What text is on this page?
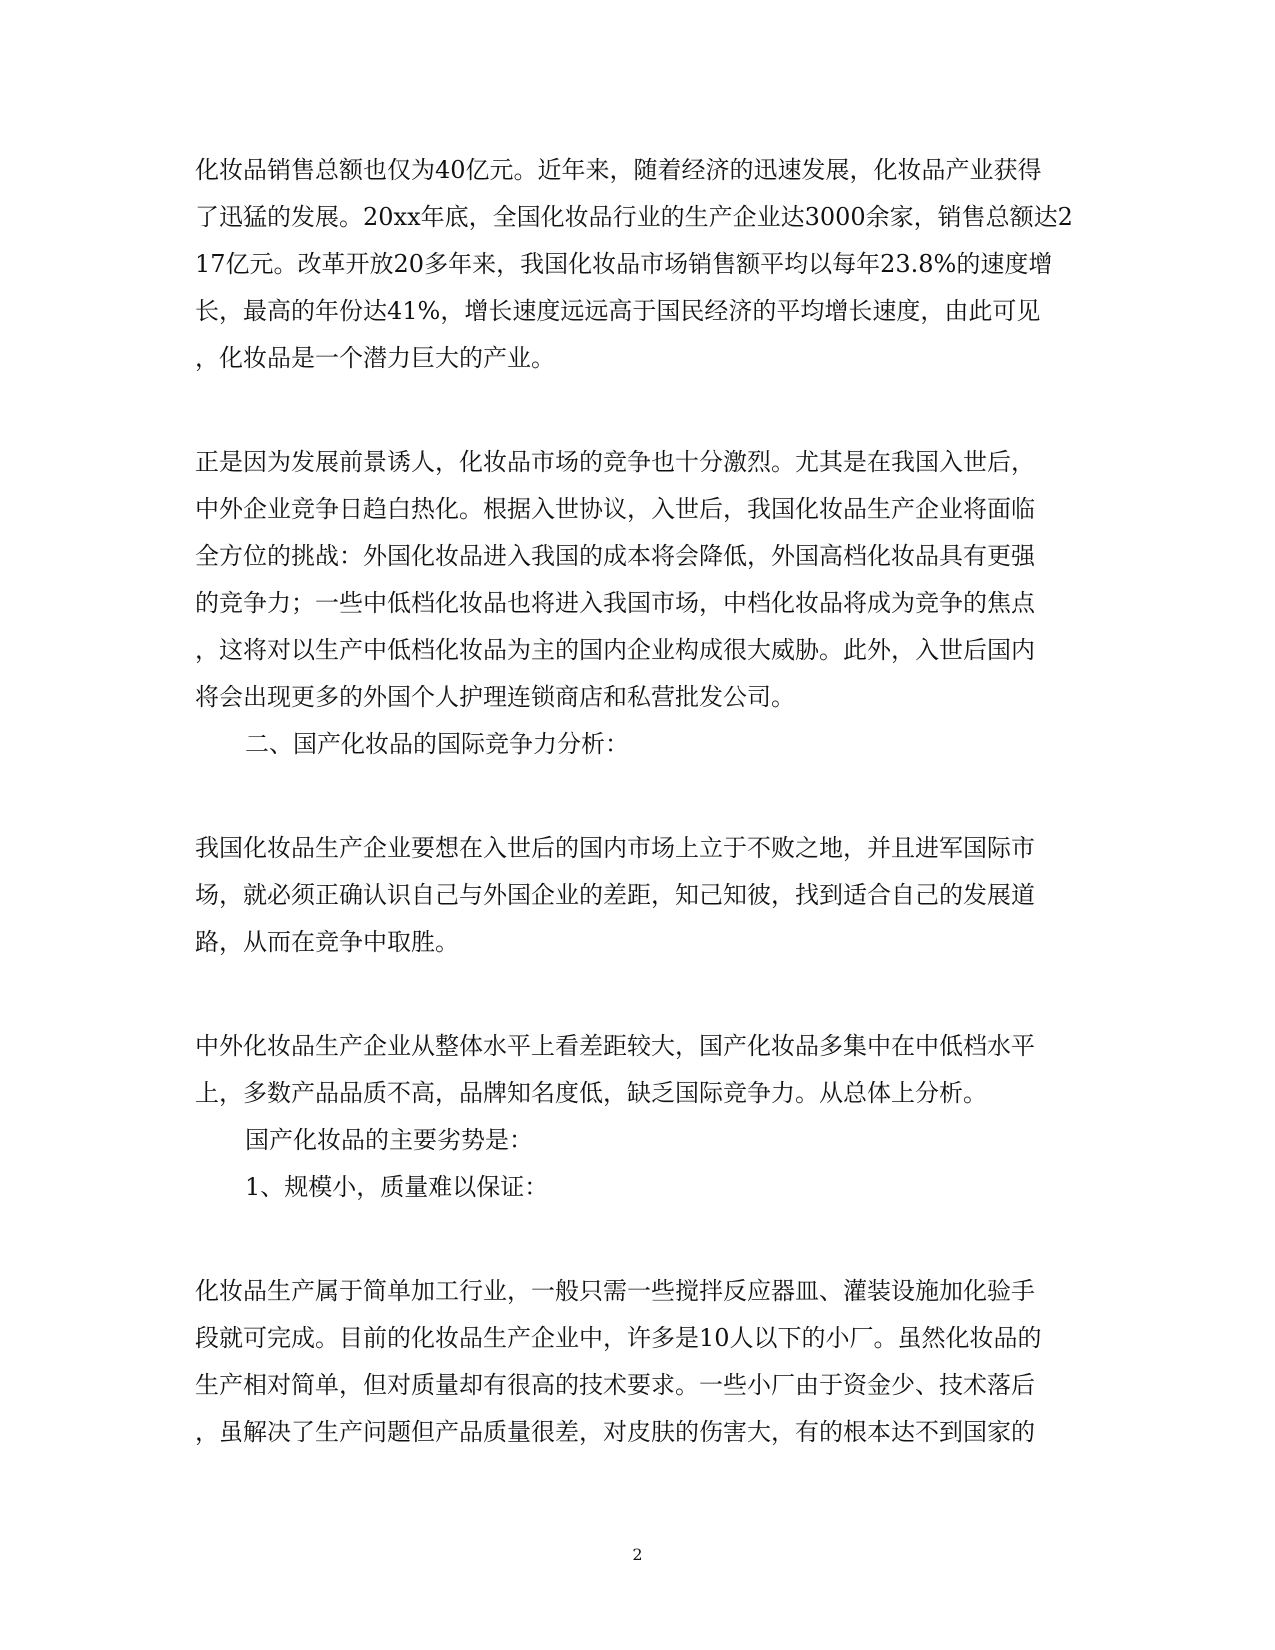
化妆品销售总额也仅为40亿元。近年来，随着经济的迅速发展，化妆品产业获得
了迅猛的发展。20xx年底，全国化妆品行业的生产企业达3000余家，销售总额达2
17亿元。改革开放20多年来，我国化妆品市场销售额平均以每年23.8%的速度增
长，最高的年份达41%，增长速度远远高于国民经济的平均增长速度，由此可见
，化妆品是一个潜力巨大的产业。
正是因为发展前景诱人，化妆品市场的竞争也十分激烈。尤其是在我国入世后，
中外企业竞争日趋白热化。根据入世协议，入世后，我国化妆品生产企业将面临
全方位的挑战：外国化妆品进入我国的成本将会降低，外国高档化妆品具有更强
的竞争力；一些中低档化妆品也将进入我国市场，中档化妆品将成为竞争的焦点
，这将对以生产中低档化妆品为主的国内企业构成很大威胁。此外，入世后国内
将会出现更多的外国个人护理连锁商店和私营批发公司。
二、国产化妆品的国际竞争力分析：
我国化妆品生产企业要想在入世后的国内市场上立于不败之地，并且进军国际市
场，就必须正确认识自己与外国企业的差距，知己知彼，找到适合自己的发展道
路，从而在竞争中取胜。
中外化妆品生产企业从整体水平上看差距较大，国产化妆品多集中在中低档水平
上，多数产品品质不高，品牌知名度低，缺乏国际竞争力。从总体上分析。
国产化妆品的主要劣势是：
1、规模小，质量难以保证：
化妆品生产属于简单加工行业，一般只需一些搅拌反应器皿、灌装设施加化验手
段就可完成。目前的化妆品生产企业中，许多是10人以下的小厂。虽然化妆品的
生产相对简单，但对质量却有很高的技术要求。一些小厂由于资金少、技术落后
，虽解决了生产问题但产品质量很差，对皮肤的伤害大，有的根本达不到国家的
2
